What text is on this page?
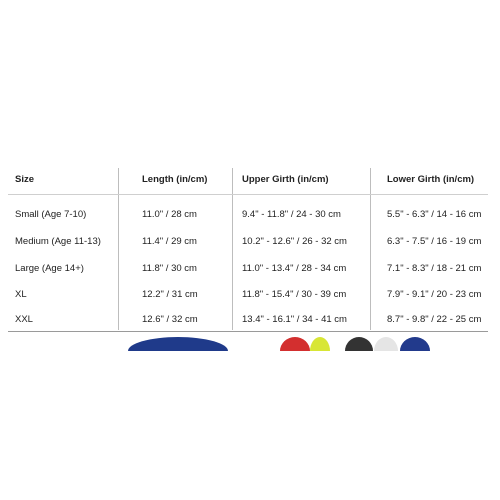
Size	Length (in/cm)	Upper Girth (in/cm)	Lower Girth (in/cm)
Small (Age 7-10)	11.0" / 28 cm	9.4" - 11.8" / 24 - 30 cm	5.5" - 6.3" / 14 - 16 cm
Medium (Age 11-13)	11.4" / 29 cm	10.2" - 12.6" / 26 - 32 cm	6.3" - 7.5" / 16 - 19 cm
Large (Age 14+)	11.8" / 30 cm	11.0" - 13.4" / 28 - 34 cm	7.1" - 8.3" / 18 - 21 cm
XL	12.2" / 31 cm	11.8" - 15.4" / 30 - 39 cm	7.9" - 9.1" / 20 - 23 cm
XXL	12.6" / 32 cm	13.4" - 16.1" / 34 - 41 cm	8.7" - 9.8" / 22 - 25 cm
